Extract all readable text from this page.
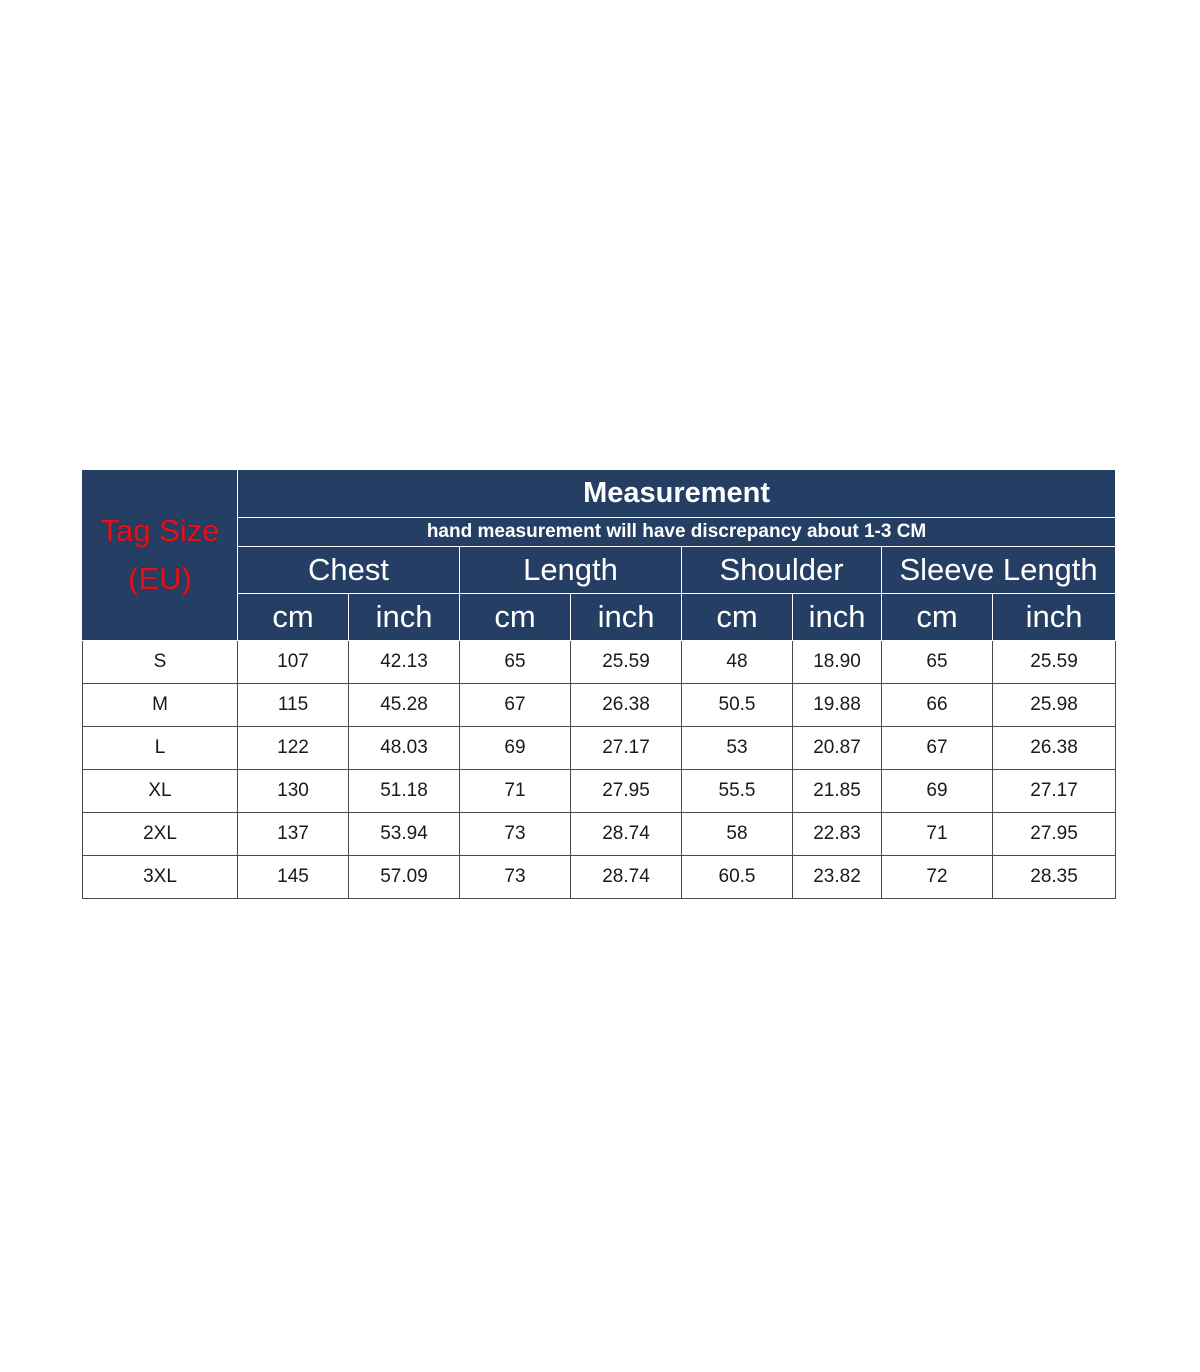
Tag Size
(EU)	Measurement							
	hand measurement will have discrepancy about 1-3 CM							
	Chest		Length		Shoulder		Sleeve Length	
	cm	inch	cm	inch	cm	inch	cm	inch
S	107	42.13	65	25.59	48	18.90	65	25.59
M	115	45.28	67	26.38	50.5	19.88	66	25.98
L	122	48.03	69	27.17	53	20.87	67	26.38
XL	130	51.18	71	27.95	55.5	21.85	69	27.17
2XL	137	53.94	73	28.74	58	22.83	71	27.95
3XL	145	57.09	73	28.74	60.5	23.82	72	28.35
